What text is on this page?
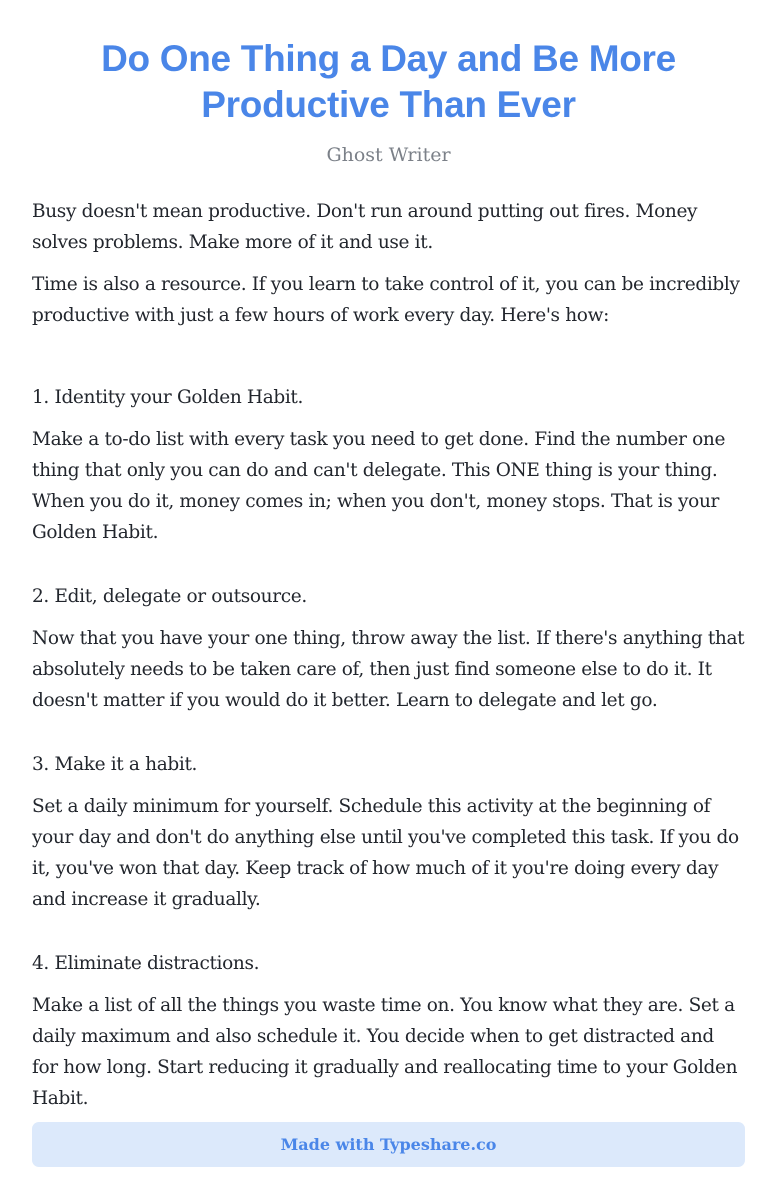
Do One Thing a Day and Be More
Productive Than Ever
Ghost Writer

Busy doesn't mean productive. Don't run around putting out fires. Money solves problems. Make more of it and use it.

Time is also a resource. If you learn to take control of it, you can be incredibly productive with just a few hours of work every day. Here's how:

1. Identity your Golden Habit.

Make a to-do list with every task you need to get done. Find the number one thing that only you can do and can't delegate. This ONE thing is your thing. When you do it, money comes in; when you don't, money stops. That is your Golden Habit.

2. Edit, delegate or outsource.

Now that you have your one thing, throw away the list. If there's anything that absolutely needs to be taken care of, then just find someone else to do it. It doesn't matter if you would do it better. Learn to delegate and let go.

3. Make it a habit.

Set a daily minimum for yourself. Schedule this activity at the beginning of your day and don't do anything else until you've completed this task. If you do it, you've won that day. Keep track of how much of it you're doing every day and increase it gradually.

4. Eliminate distractions.

Make a list of all the things you waste time on. You know what they are. Set a daily maximum and also schedule it. You decide when to get distracted and for how long. Start reducing it gradually and reallocating time to your Golden Habit.

Made with Typeshare.co
